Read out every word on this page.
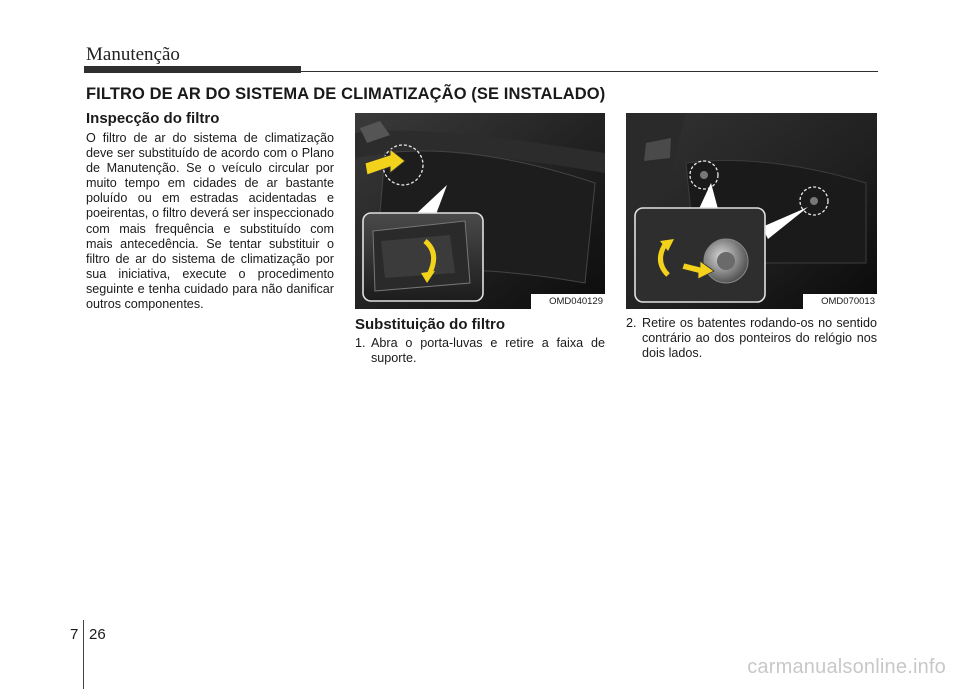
Manutenção
FILTRO DE AR DO SISTEMA DE CLIMATIZAÇÃO (SE INSTALADO)
Inspecção do filtro
O filtro de ar do sistema de climatização deve ser substituído de acordo com o Plano de Manutenção. Se o veículo circular por muito tempo em cidades de ar bastante poluído ou em estradas acidentadas e poeirentas, o filtro deverá ser inspeccionado com mais frequência e substituído com mais antecedência. Se tentar substituir o filtro de ar do sistema de climatização por sua iniciativa, execute o procedimento seguinte e tenha cuidado para não danificar outros componentes.	OMD040129	OMD070013
Substituição do filtro
1. Abra o porta-luvas e retire a faixa de suporte.
2. Retire os batentes rodando-os no sentido contrário ao dos ponteiros do relógio nos dois lados.
7 26
carmanualsonline.info
